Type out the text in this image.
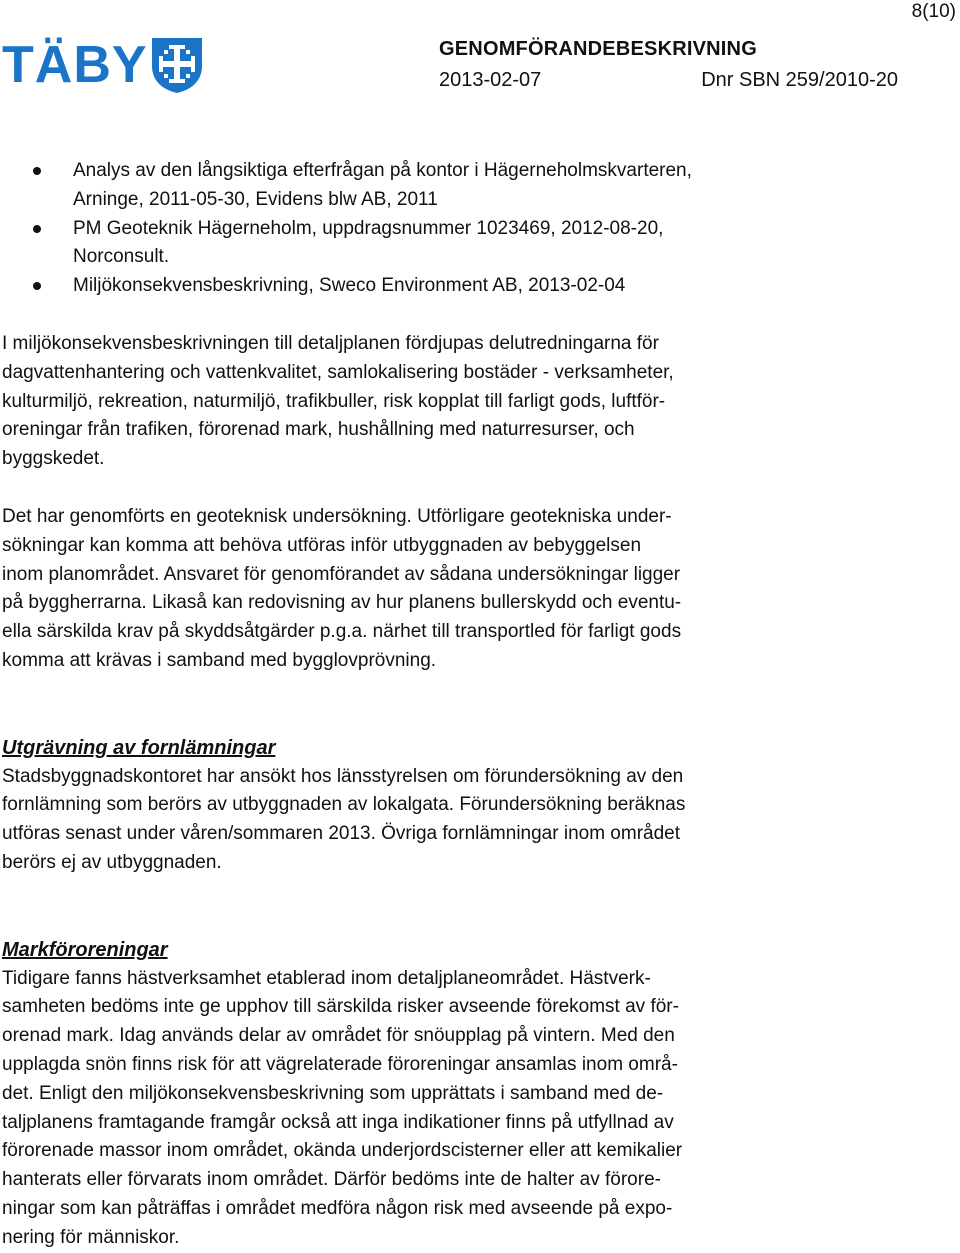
8(10)
TÄBY	GENOMFÖRANDEBESKRIVNING
2013-02-07	Dnr SBN 259/2010-20
Analys av den långsiktiga efterfrågan på kontor i Hägerneholmskvarteren,
Arninge, 2011-05-30, Evidens blw AB, 2011
PM Geoteknik Hägerneholm, uppdragsnummer 1023469, 2012-08-20,
Norconsult.
Miljökonsekvensbeskrivning, Sweco Environment AB, 2013-02-04

I miljökonsekvensbeskrivningen till detaljplanen fördjupas delutredningarna för
dagvattenhantering och vattenkvalitet, samlokalisering bostäder - verksamheter,
kulturmiljö, rekreation, naturmiljö, trafikbuller, risk kopplat till farligt gods, luftför-
oreningar från trafiken, förorenad mark, hushållning med naturresurser, och
byggskedet.

Det har genomförts en geoteknisk undersökning. Utförligare geotekniska under-
sökningar kan komma att behöva utföras inför utbyggnaden av bebyggelsen
inom planområdet. Ansvaret för genomförandet av sådana undersökningar ligger
på byggherrarna. Likaså kan redovisning av hur planens bullerskydd och eventu-
ella särskilda krav på skyddsåtgärder p.g.a. närhet till transportled för farligt gods
komma att krävas i samband med bygglovprövning.

Utgrävning av fornlämningar

Stadsbyggnadskontoret har ansökt hos länsstyrelsen om förundersökning av den
fornlämning som berörs av utbyggnaden av lokalgata. Förundersökning beräknas
utföras senast under våren/sommaren 2013. Övriga fornlämningar inom området
berörs ej av utbyggnaden.

Markföroreningar

Tidigare fanns hästverksamhet etablerad inom detaljplaneområdet. Hästverk-
samheten bedöms inte ge upphov till särskilda risker avseende förekomst av för-
orenad mark. Idag används delar av området för snöupplag på vintern. Med den
upplagda snön finns risk för att vägrelaterade föroreningar ansamlas inom områ-
det. Enligt den miljökonsekvensbeskrivning som upprättats i samband med de-
taljplanens framtagande framgår också att inga indikationer finns på utfyllnad av
förorenade massor inom området, okända underjordscisterner eller att kemikalier
hanterats eller förvarats inom området. Därför bedöms inte de halter av förore-
ningar som kan påträffas i området medföra någon risk med avseende på expo-
nering för människor.
